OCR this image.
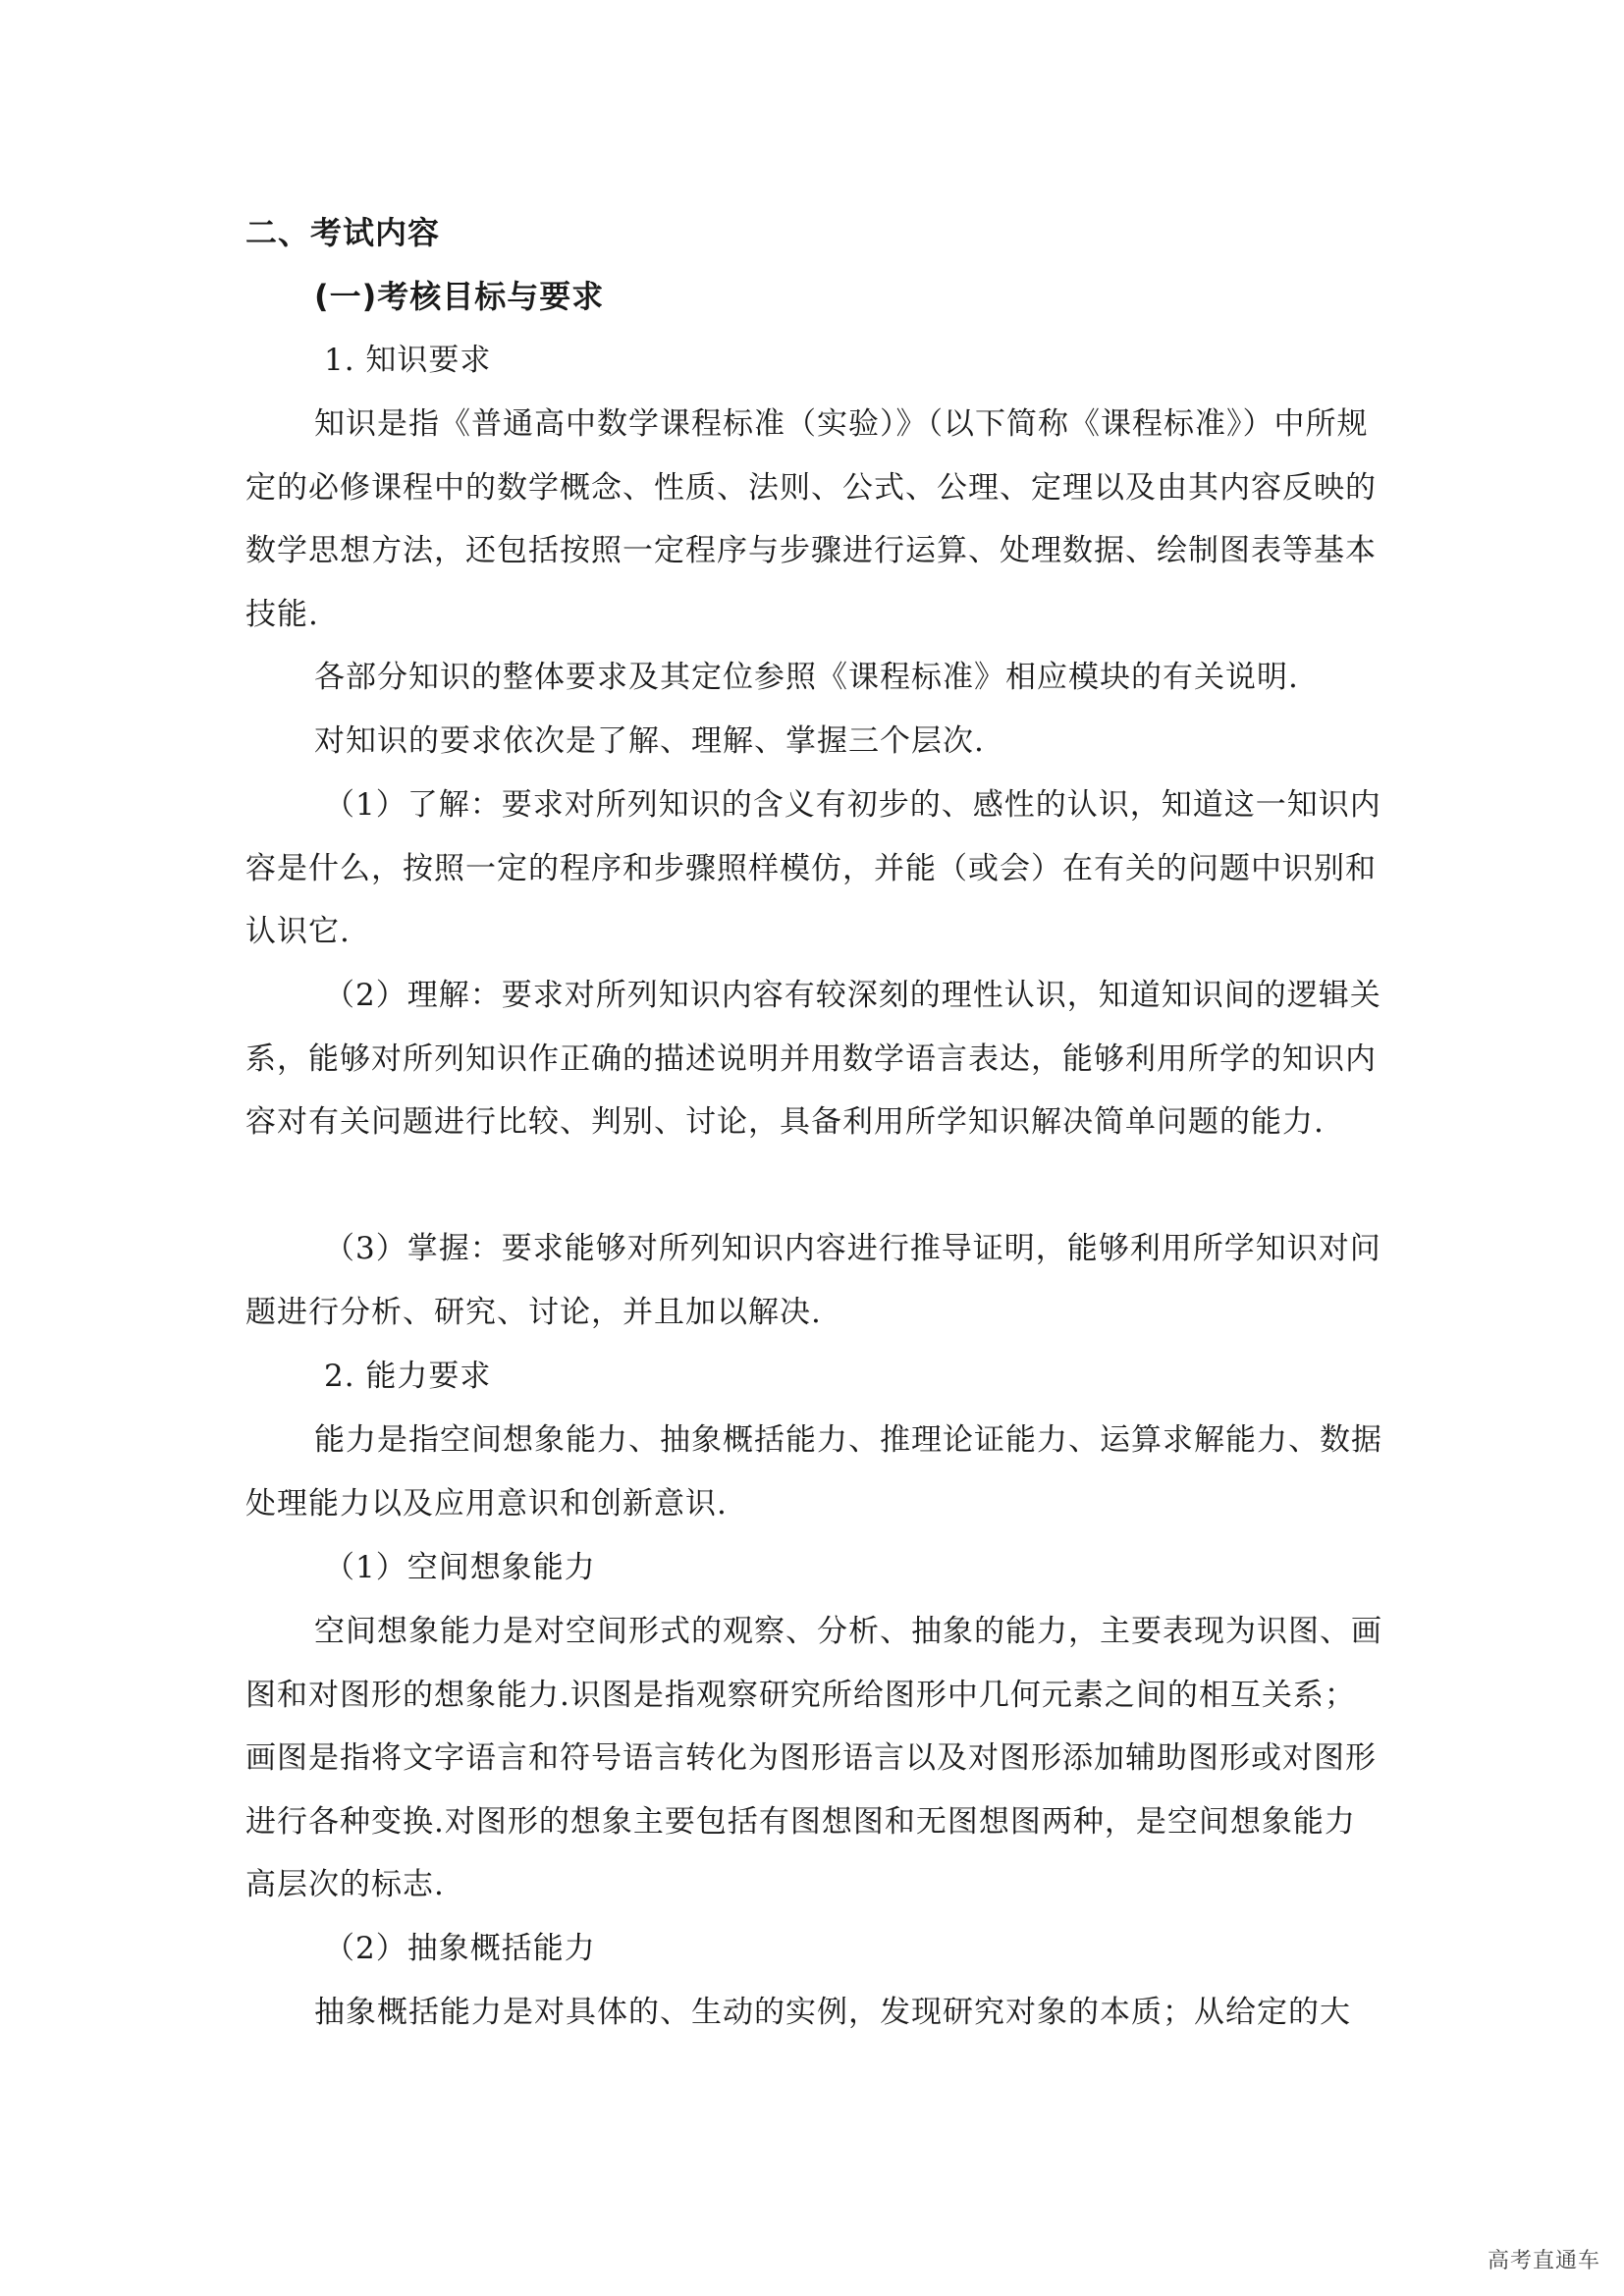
二、考试内容

(一)考核目标与要求

1. 知识要求

知识是指《普通高中数学课程标准（实验）》（以下简称《课程标准》）中所规定的必修课程中的数学概念、性质、法则、公式、公理、定理以及由其内容反映的数学思想方法，还包括按照一定程序与步骤进行运算、处理数据、绘制图表等基本技能.

各部分知识的整体要求及其定位参照《课程标准》相应模块的有关说明.

对知识的要求依次是了解、理解、掌握三个层次.

（1）了解：要求对所列知识的含义有初步的、感性的认识，知道这一知识内容是什么，按照一定的程序和步骤照样模仿，并能（或会）在有关的问题中识别和认识它.

（2）理解：要求对所列知识内容有较深刻的理性认识，知道知识间的逻辑关系，能够对所列知识作正确的描述说明并用数学语言表达，能够利用所学的知识内容对有关问题进行比较、判别、讨论，具备利用所学知识解决简单问题的能力.

（3）掌握：要求能够对所列知识内容进行推导证明，能够利用所学知识对问题进行分析、研究、讨论，并且加以解决.

2. 能力要求

能力是指空间想象能力、抽象概括能力、推理论证能力、运算求解能力、数据处理能力以及应用意识和创新意识.

（1）空间想象能力

空间想象能力是对空间形式的观察、分析、抽象的能力，主要表现为识图、画图和对图形的想象能力.识图是指观察研究所给图形中几何元素之间的相互关系；画图是指将文字语言和符号语言转化为图形语言以及对图形添加辅助图形或对图形进行各种变换.对图形的想象主要包括有图想图和无图想图两种，是空间想象能力高层次的标志.

（2）抽象概括能力

抽象概括能力是对具体的、生动的实例，发现研究对象的本质；从给定的大

高考直通车
